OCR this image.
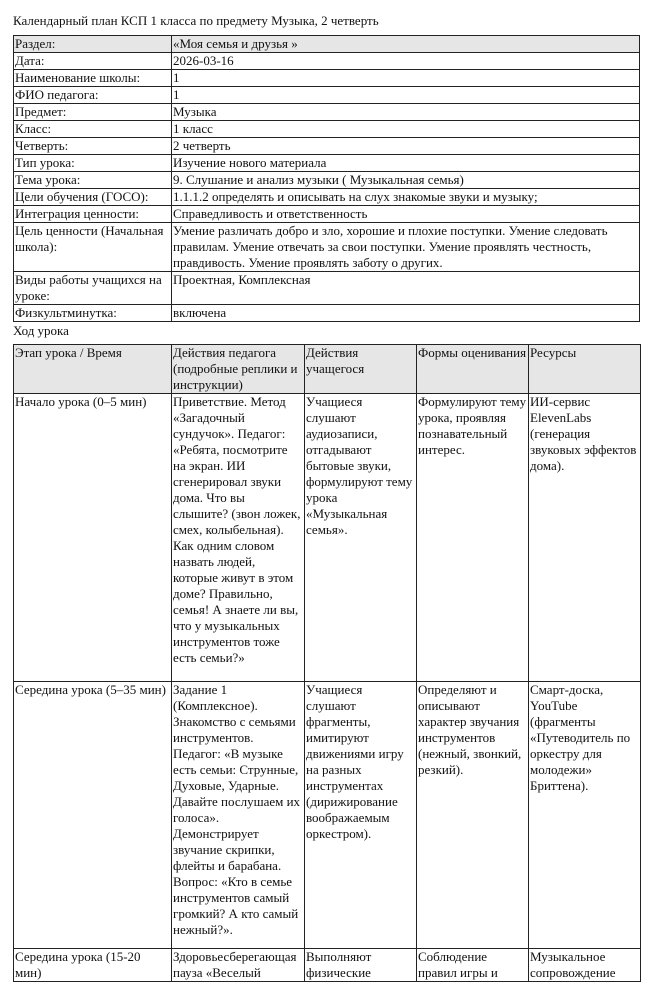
Календарный план КСП 1 класса по предмету Музыка, 2 четверть
Раздел:	«Моя семья и друзья »
Дата:	2026-03-16
Наименование школы:	1
ФИО педагога:	1
Предмет:	Музыка
Класс:	1 класс
Четверть:	2 четверть
Тип урока:	Изучение нового материала
Тема урока:	9. Слушание и анализ музыки ( Музыкальная семья)
Цели обучения (ГОСО):	1.1.1.2 определять и описывать на слух знакомые звуки и музыку;
Интеграция ценности:	Справедливость и ответственность
Цель ценности (Начальная школа):	Умение различать добро и зло, хорошие и плохие поступки. Умение следовать правилам. Умение отвечать за свои поступки. Умение проявлять честность, правдивость. Умение проявлять заботу о других.
Виды работы учащихся на уроке:	Проектная, Комплексная
Физкультминутка:	включена
Ход урока
Этап урока / Время	Действия педагога (подробные реплики и инструкции)	Действия учащегося	Формы оценивания	Ресурсы
Начало урока (0–5 мин)	Приветствие. Метод «Загадочный сундучок». Педагог: «Ребята, посмотрите на экран. ИИ сгенерировал звуки дома. Что вы слышите? (звон ложек, смех, колыбельная). Как одним словом назвать людей, которые живут в этом доме? Правильно, семья! А знаете ли вы, что у музыкальных инструментов тоже есть семьи?»	Учащиеся слушают аудиозаписи, отгадывают бытовые звуки, формулируют тему урока «Музыкальная семья».	Формулируют тему урока, проявляя познавательный интерес.	ИИ-сервис ElevenLabs (генерация звуковых эффектов дома).
Середина урока (5–35 мин)	Задание 1 (Комплексное). Знакомство с семьями инструментов. Педагог: «В музыке есть семьи: Струнные, Духовые, Ударные. Давайте послушаем их голоса». Демонстрирует звучание скрипки, флейты и барабана. Вопрос: «Кто в семье инструментов самый громкий? А кто самый нежный?».	Учащиеся слушают фрагменты, имитируют движениями игру на разных инструментах (дирижирование воображаемым оркестром).	Определяют и описывают характер звучания инструментов (нежный, звонкий, резкий).	Смарт-доска, YouTube (фрагменты «Путеводитель по оркестру для молодежи» Бриттена).
Середина урока (15-20 мин)	Здоровьесберегающая пауза «Веселый	Выполняют физические	Соблюдение правил игры и	Музыкальное сопровождение
